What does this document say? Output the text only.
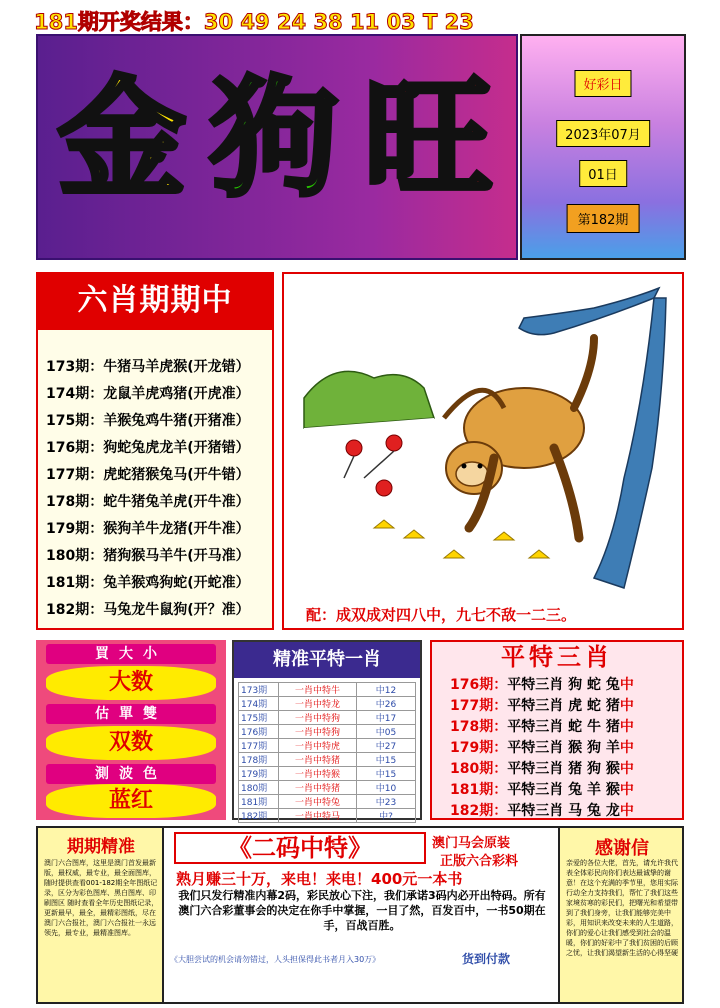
181期开奖结果：30 49 24 38 11 03 T 23
金 狗 旺	好彩日
2023年07月
01日
第182期
六肖期期中
173期：牛猪马羊虎猴(开龙错）
174期：龙鼠羊虎鸡猪(开虎准）
175期：羊猴兔鸡牛猪(开猪准）
176期：狗蛇兔虎龙羊(开猪错）
177期：虎蛇猪猴兔马(开牛错）
178期：蛇牛猪兔羊虎(开牛准）
179期：猴狗羊牛龙猪(开牛准）
180期：猪狗猴马羊牛(开马准）
181期：兔羊猴鸡狗蛇(开蛇准）
182期：马兔龙牛鼠狗(开？准）	配：成双成对四八中，九七不敌一二三。
買大小
大数
估單雙
双数
測波色
蓝红
精准平特一肖
173期	一肖中特牛	中12
174期	一肖中特龙	中26
175期	一肖中特狗	中17
176期	一肖中特狗	中05
177期	一肖中特虎	中27
178期	一肖中特猪	中15
179期	一肖中特猴	中15
180期	一肖中特猪	中10
181期	一肖中特兔	中23
182期	一肖中特马	中?
平特三肖
176期：平特三肖 狗 蛇 兔中
177期：平特三肖 虎 蛇 猪中
178期：平特三肖 蛇 牛 猪中
179期：平特三肖 猴 狗 羊中
180期：平特三肖 猪 狗 猴中
181期：平特三肖 兔 羊 猴中
182期：平特三肖 马 兔 龙中
期期精准
澳门六合图库，这里是澳门首发最新版，最权威，最专业，最全面图库，随时提供查看001-182期全年图纸记录，区分为彩色图库、黑白图库、印刷图区 随时查看全年历史图纸记录，更新最早，最全，最精彩图纸，尽在澳门六合报社，澳门六合报社一永远领先，最专业，最精准图库。
《二码中特》	澳门马会原装
正版六合彩料
熟月赚三十万，来电！来电！400元一本书
我们只发行精准内幕2码，彩民放心下注，我们承诺3码内必开出特码。所有澳门六合彩董事会的决定在你手中掌握，一目了然，百发百中，一书50期在手，百战百胜。
《大胆尝试的机会请勿错过，人头担保得此书者月入30万》	货到付款
感谢信
亲爱的各位大佬，首先，请允许我代表全体彩民向你们表达最诚挚的谢意！在这个充满的季节里，您用实际行动全力支持我们，帮忙了我们这些家境贫寒的彩民们，把曙光和希望带到了我们身旁，让我们能够完美中彩，用知识来改变未来的人生道路，你们的爱心让我们感受到社会的温暖，你们的好彩中了我们贫困的后顾之忧，让我们渴望新生活的心得坚硬
